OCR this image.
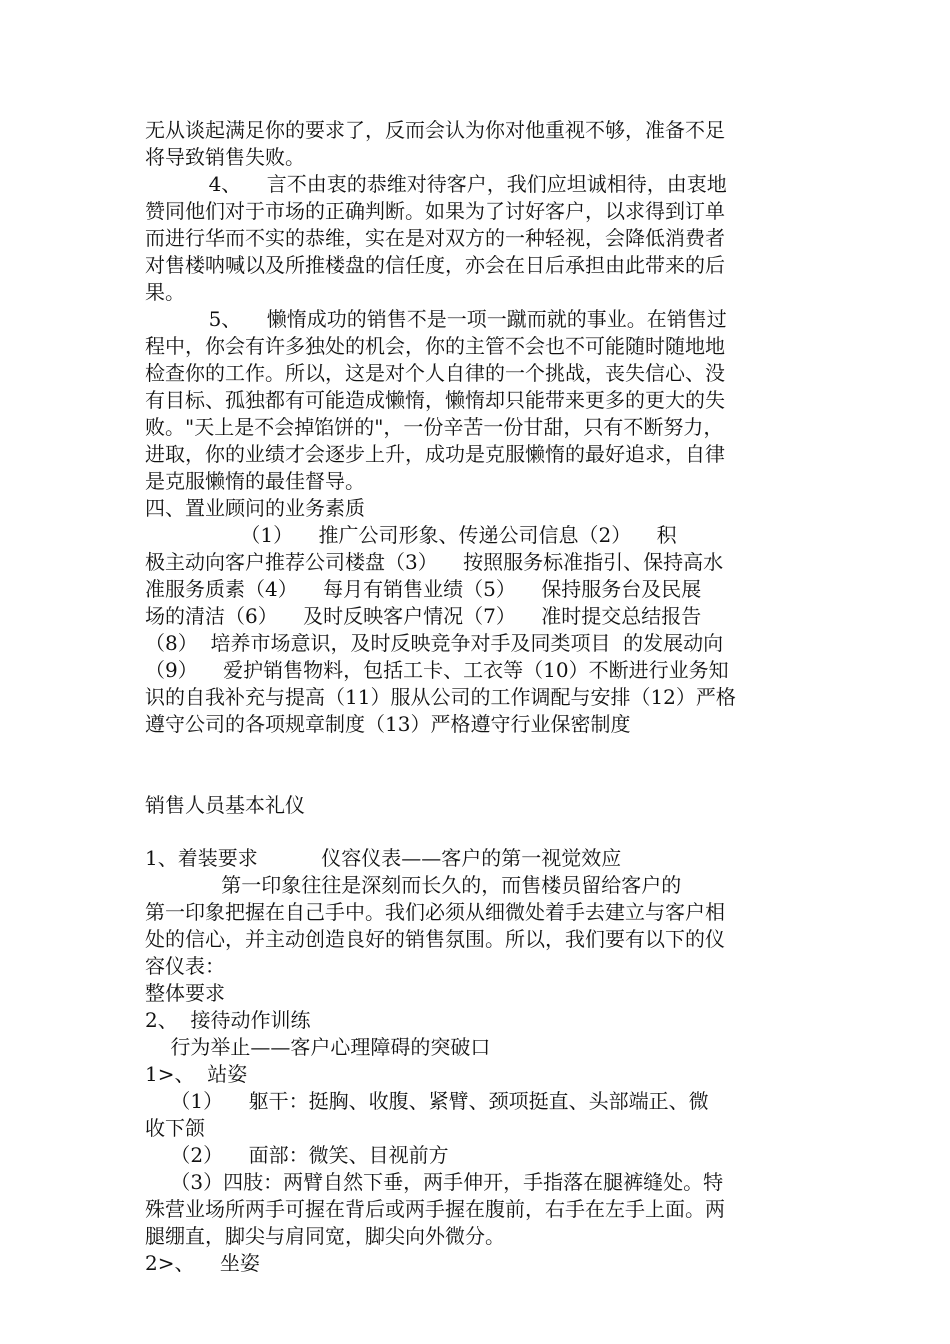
无从谈起满足你的要求了，反而会认为你对他重视不够，准备不足

将导致销售失败。

4、    言不由衷的恭维对待客户，我们应坦诚相待，由衷地

赞同他们对于市场的正确判断。如果为了讨好客户，以求得到订单

而进行华而不实的恭维，实在是对双方的一种轻视，会降低消费者

对售楼呐喊以及所推楼盘的信任度，亦会在日后承担由此带来的后

果。

5、    懒惰成功的销售不是一项一蹴而就的事业。在销售过

程中，你会有许多独处的机会，你的主管不会也不可能随时随地地

检查你的工作。所以，这是对个人自律的一个挑战，丧失信心、没

有目标、孤独都有可能造成懒惰，懒惰却只能带来更多的更大的失

败。"天上是不会掉馅饼的"，一份辛苦一份甘甜，只有不断努力，

进取，你的业绩才会逐步上升，成功是克服懒惰的最好追求，自律

是克服懒惰的最佳督导。

四、置业顾问的业务素质

（1）    推广公司形象、传递公司信息（2）    积

极主动向客户推荐公司楼盘（3）    按照服务标准指引、保持高水

准服务质素（4）    每月有销售业绩（5）    保持服务台及民展

场的清洁（6）    及时反映客户情况（7）    准时提交总结报告

（8）  培养市场意识，及时反映竞争对手及同类项目  的发展动向

（9）    爱护销售物料，包括工卡、工衣等（10）不断进行业务知

识的自我补充与提高（11）服从公司的工作调配与安排（12）严格

遵守公司的各项规章制度（13）严格遵守行业保密制度

销售人员基本礼仪

1、着装要求          仪容仪表——客户的第一视觉效应

第一印象往往是深刻而长久的，而售楼员留给客户的

第一印象把握在自己手中。我们必须从细微处着手去建立与客户相

处的信心，并主动创造良好的销售氛围。所以，我们要有以下的仪

容仪表：

整体要求

2、  接待动作训练

行为举止——客户心理障碍的突破口

1>、  站姿

（1）    躯干：挺胸、收腹、紧臂、颈项挺直、头部端正、微

收下颌

（2）    面部：微笑、目视前方

（3）四肢：两臂自然下垂，两手伸开，手指落在腿裤缝处。特

殊营业场所两手可握在背后或两手握在腹前，右手在左手上面。两

腿绷直，脚尖与肩同宽，脚尖向外微分。

2>、    坐姿
